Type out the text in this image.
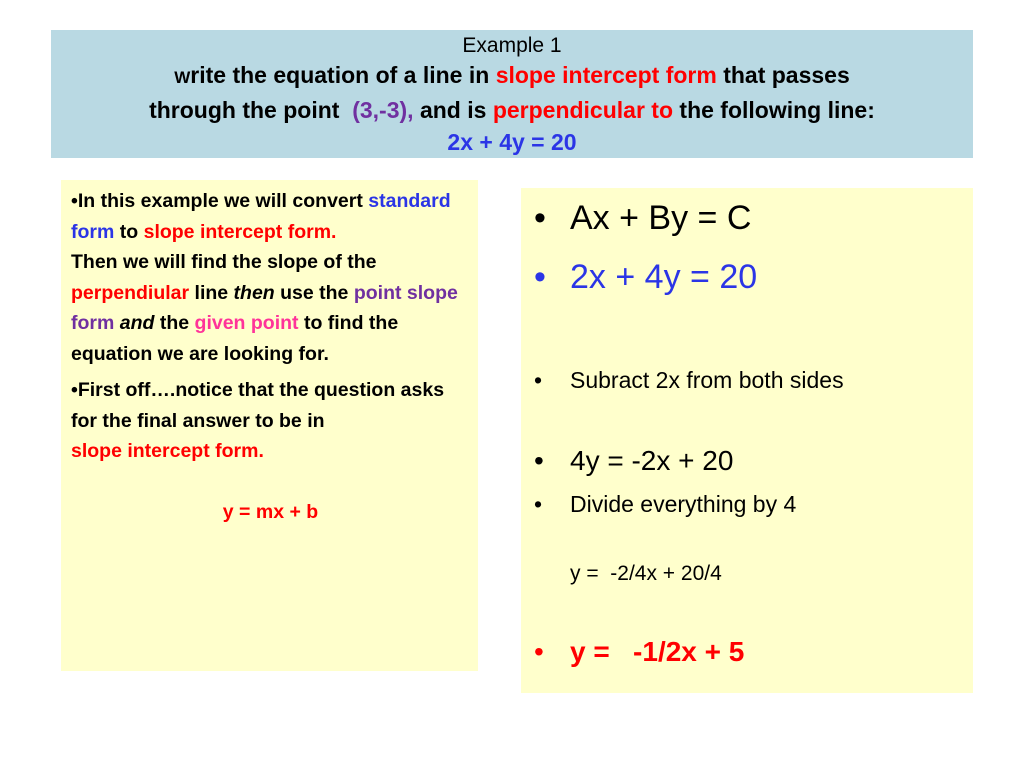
Example 1
Write the equation of a line in slope intercept form that passes
through the point  (3,-3), and is perpendicular to the following line:
2x + 4y = 20

•In this example we will convert standard form to slope intercept form.

Then we will find the slope of the perpendiular line then use the point slope form and the given point to find the equation we are looking for.

•First off….notice that the question asks for the final answer to be in
slope intercept form.

y = mx + b

• Ax + By = C
• 2x + 4y = 20
• Subract 2x from both sides
• 4y = -2x + 20
• Divide everything by 4
y =  -2/4x + 20/4
• y =   -1/2x + 5
